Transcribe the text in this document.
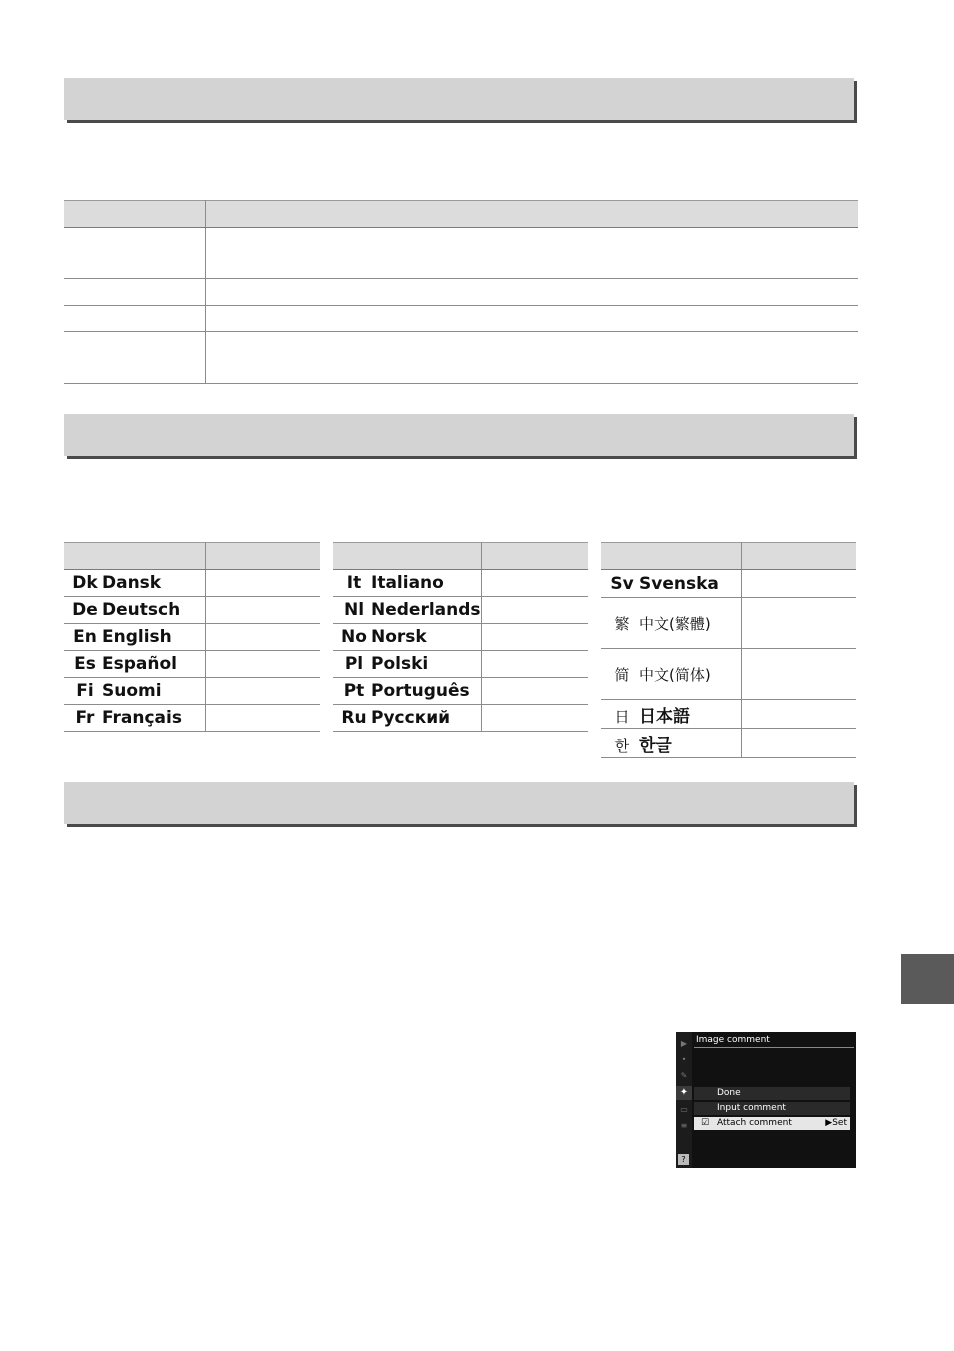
Dk Dansk	
De Deutsch	
En English	
Es Español	
Fi Suomi	
Fr Français	

It Italiano	
Nl Nederlands	
No Norsk	
Pl Polski	
Pt Português	
Ru Русский	

Sv Svenska	
繁 中文(繁體)	
简 中文(简体)	
日 日本語	
한 한글	
▶
•
✎
✦
▭
≡
?
Image comment
Done
Input comment
☑ Attach comment	▶Set
